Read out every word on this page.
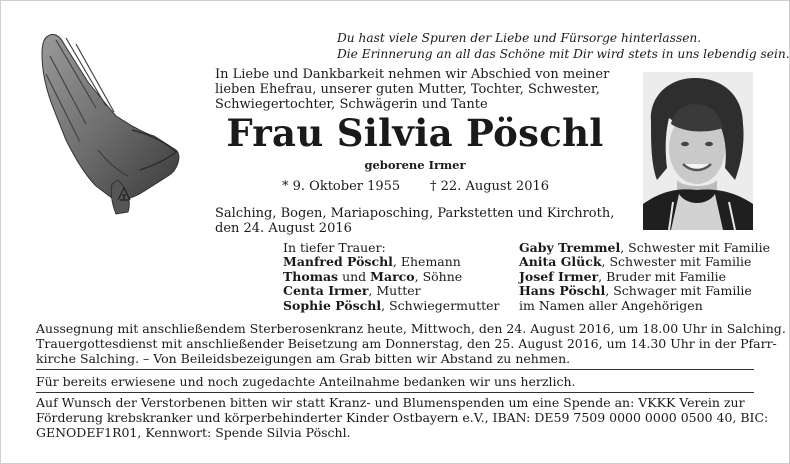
Du hast viele Spuren der Liebe und Fürsorge hinterlassen.
Die Erinnerung an all das Schöne mit Dir wird stets in uns lebendig sein.
In Liebe und Dankbarkeit nehmen wir Abschied von meiner
lieben Ehefrau, unserer guten Mutter, Tochter, Schwester,
Schwiegertochter, Schwägerin und Tante
Frau Silvia Pöschl
geborene Irmer
* 9. Oktober 1955 † 22. August 2016
Salching, Bogen, Mariaposching, Parkstetten und Kirchroth,
den 24. August 2016
In tiefer Trauer:
Manfred Pöschl, Ehemann
Thomas und Marco, Söhne
Centa Irmer, Mutter
Sophie Pöschl, Schwiegermutter
Gaby Tremmel, Schwester mit Familie
Anita Glück, Schwester mit Familie
Josef Irmer, Bruder mit Familie
Hans Pöschl, Schwager mit Familie
im Namen aller Angehörigen
Aussegnung mit anschließendem Sterberosenkranz heute, Mittwoch, den 24. August 2016, um 18.00 Uhr in Salching.
Trauergottesdienst mit anschließender Beisetzung am Donnerstag, den 25. August 2016, um 14.30 Uhr in der Pfarr-
kirche Salching. – Von Beileidsbezeigungen am Grab bitten wir Abstand zu nehmen.
Für bereits erwiesene und noch zugedachte Anteilnahme bedanken wir uns herzlich.
Auf Wunsch der Verstorbenen bitten wir statt Kranz- und Blumenspenden um eine Spende an: VKKK Verein zur
Förderung krebskranker und körperbehinderter Kinder Ostbayern e.V., IBAN: DE59 7509 0000 0000 0500 40, BIC:
GENODEF1R01, Kennwort: Spende Silvia Pöschl.
